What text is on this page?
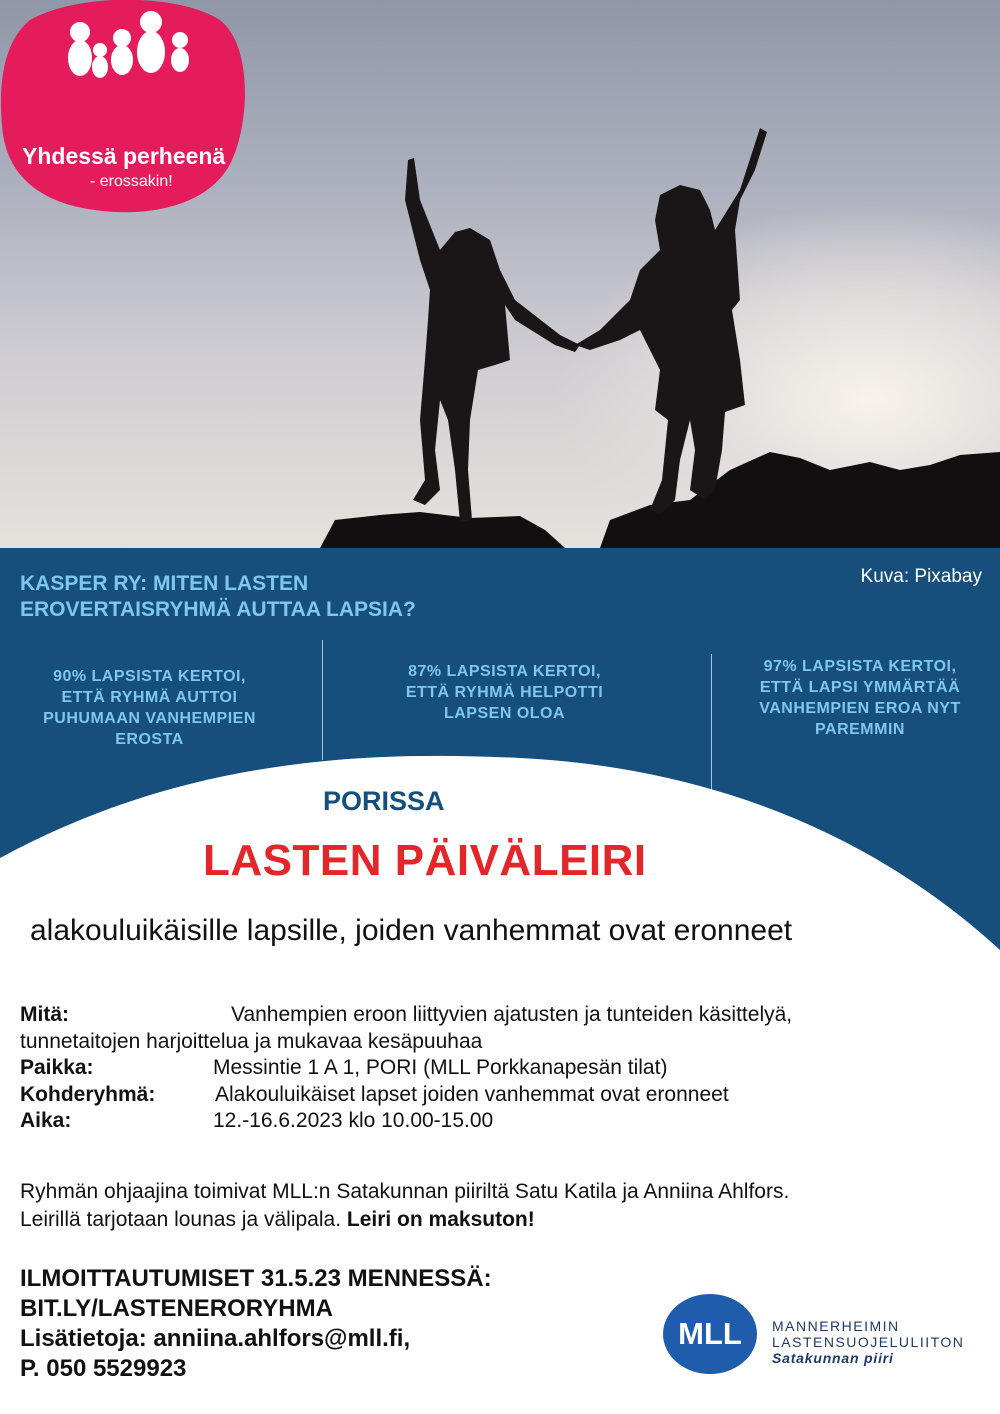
Yhdessä perheenä
- erossakin!
Kuva: Pixabay
KASPER RY: MITEN LASTEN
EROVERTAISRYHMÄ AUTTAA LAPSIA?
90% LAPSISTA KERTOI,
ETTÄ RYHMÄ AUTTOI
PUHUMAAN VANHEMPIEN
EROSTA
87% LAPSISTA KERTOI,
ETTÄ RYHMÄ HELPOTTI
LAPSEN OLOA
97% LAPSISTA KERTOI,
ETTÄ LAPSI YMMÄRTÄÄ
VANHEMPIEN EROA NYT
PAREMMIN
PORISSA
LASTEN PÄIVÄLEIRI
alakouluikäisille lapsille, joiden vanhemmat ovat eronneet
Mitä:	Vanhempien eroon liittyvien ajatusten ja tunteiden käsittelyä,
tunnetaitojen harjoittelua ja mukavaa kesäpuuhaa
Paikka:	Messintie 1 A 1, PORI (MLL Porkkanapesän tilat)
Kohderyhmä:	Alakouluikäiset lapset joiden vanhemmat ovat eronneet
Aika:	12.-16.6.2023 klo 10.00-15.00
Ryhmän ohjaajina toimivat MLL:n Satakunnan piiriltä Satu Katila ja Anniina Ahlfors.
Leirillä tarjotaan lounas ja välipala. Leiri on maksuton!
ILMOITTAUTUMISET 31.5.23 MENNESSÄ:
BIT.LY/LASTENERORYHMA
Lisätietoja: anniina.ahlfors@mll.fi,
P. 050 5529923
MLL	MANNERHEIMIN
LASTENSUOJELULIITON
Satakunnan piiri
